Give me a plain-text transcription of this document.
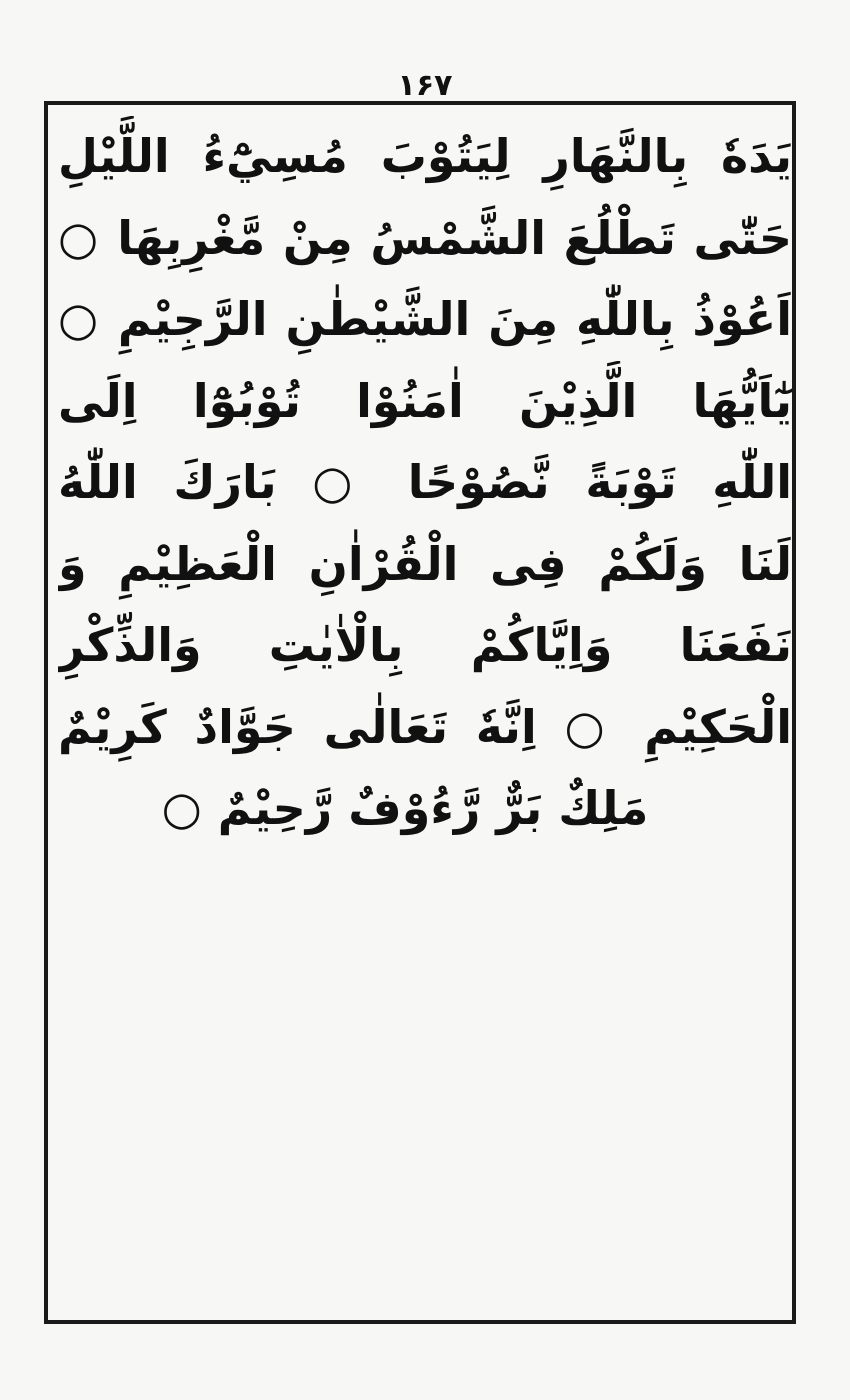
۱۶۷
يَدَهٗ بِالنَّهَارِ لِيَتُوْبَ مُسِيْٓءُ اللَّيْلِ
حَتّٰى تَطْلُعَ الشَّمْسُ مِنْ مَّغْرِبِهَا ○
اَعُوْذُ بِاللّٰهِ مِنَ الشَّيْطٰنِ الرَّجِيْمِ ○
يٰٓاَيُّهَا الَّذِيْنَ اٰمَنُوْا تُوْبُوْٓا اِلَى
اللّٰهِ تَوْبَةً نَّصُوْحًا ○ بَارَكَ اللّٰهُ
لَنَا وَلَكُمْ فِى الْقُرْاٰنِ الْعَظِيْمِ وَ
نَفَعَنَا وَاِيَّاكُمْ بِالْاٰيٰتِ وَالذِّكْرِ
الْحَكِيْمِ ○ اِنَّهٗ تَعَالٰى جَوَّادٌ كَرِيْمٌ
مَلِكٌ بَرٌّ رَّءُوْفٌ رَّحِيْمٌ ○
